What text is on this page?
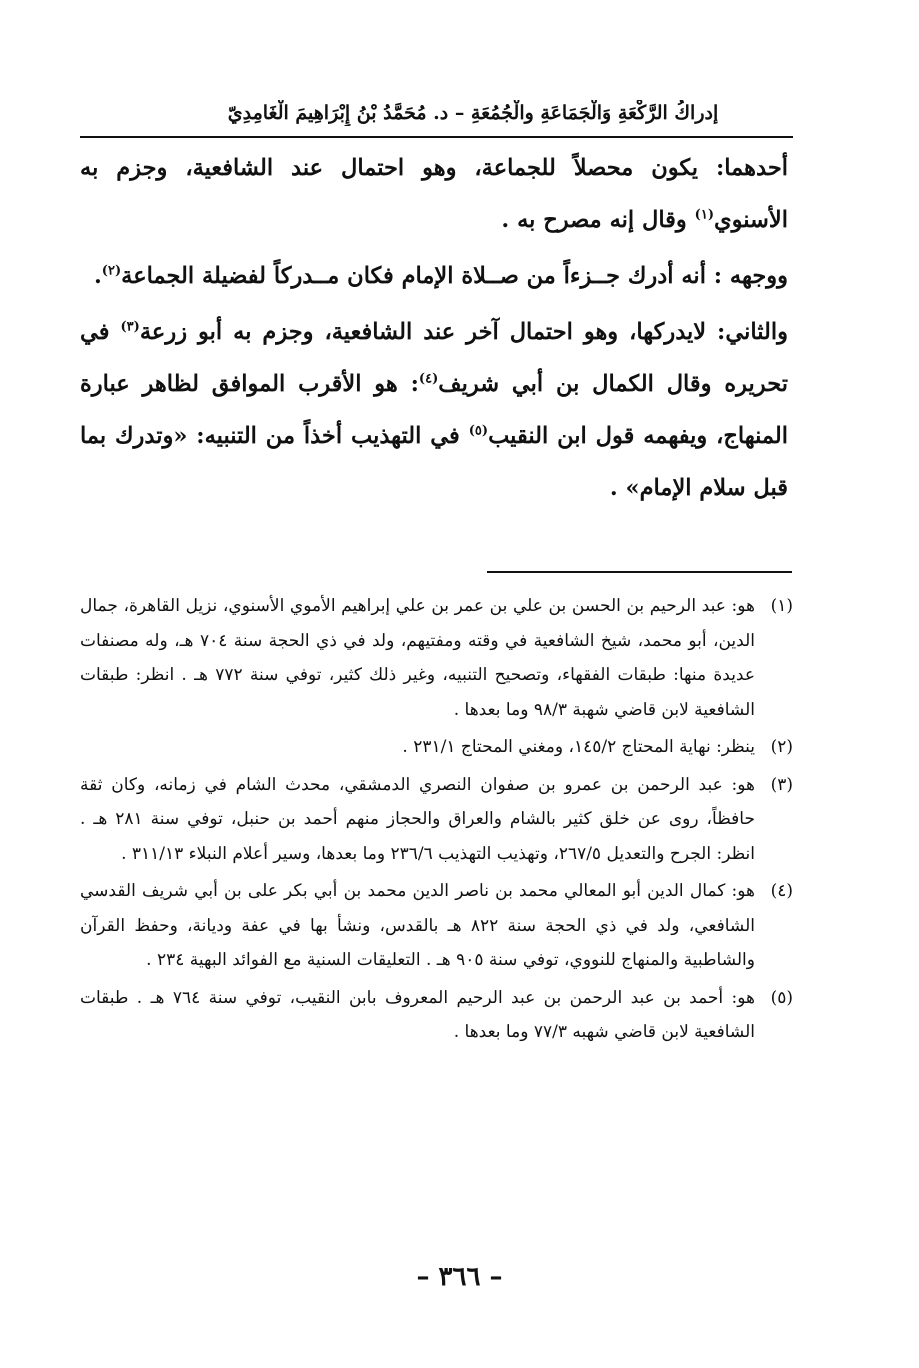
إدراكُ الرَّكْعَةِ وَالْجَمَاعَةِ والْجُمُعَةِ – د. مُحَمَّدُ بْنُ إِبْرَاهِيمَ الْغَامِدِيّ

أحدهما: يكون محصلاً للجماعة، وهو احتمال عند الشافعية، وجزم به الأسنوي$^{(١)}$ وقال إنه مصرح به .

ووجهه : أنه أدرك جــزءاً من صــلاة الإمام فكان مــدركاً لفضيلة الجماعة$^{(٢)}$.

والثاني: لايدركها، وهو احتمال آخر عند الشافعية، وجزم به أبو زرعة$^{(٣)}$ في تحريره وقال الكمال بن أبي شريف$^{(٤)}$: هو الأقرب الموافق لظاهر عبارة المنهاج، ويفهمه قول ابن النقيب$^{(٥)}$ في التهذيب أخذاً من التنبيه: «وتدرك بما قبل سلام الإمام» .

(١)
هو: عبد الرحيم بن الحسن بن علي بن عمر بن علي إبراهيم الأموي الأسنوي، نزيل القاهرة، جمال الدين، أبو محمد، شيخ الشافعية في وقته ومفتيهم، ولد في ذي الحجة سنة ٧٠٤ هـ، وله مصنفات عديدة منها: طبقات الفقهاء، وتصحيح التنبيه، وغير ذلك كثير، توفي سنة ٧٧٢ هـ . انظر: طبقات الشافعية لابن قاضي شهبة ٩٨/٣ وما بعدها .
(٢)
ينظر: نهاية المحتاج ١٤٥/٢، ومغني المحتاج ٢٣١/١ .
(٣)
هو: عبد الرحمن بن عمرو بن صفوان النصري الدمشقي، محدث الشام في زمانه، وكان ثقة حافظاً، روى عن خلق كثير بالشام والعراق والحجاز منهم أحمد بن حنبل، توفي سنة ٢٨١ هـ . انظر: الجرح والتعديل ٢٦٧/٥، وتهذيب التهذيب ٢٣٦/٦ وما بعدها، وسير أعلام النبلاء ٣١١/١٣ .
(٤)
هو: كمال الدين أبو المعالي محمد بن ناصر الدين محمد بن أبي بكر على بن أبي شريف القدسي الشافعي، ولد في ذي الحجة سنة ٨٢٢ هـ بالقدس، ونشأ بها في عفة وديانة، وحفظ القرآن والشاطبية والمنهاج للنووي، توفي سنة ٩٠٥ هـ . التعليقات السنية مع الفوائد البهية ٢٣٤ .
(٥)
هو: أحمد بن عبد الرحمن بن عبد الرحيم المعروف بابن النقيب، توفي سنة ٧٦٤ هـ . طبقات الشافعية لابن قاضي شهبه ٧٧/٣ وما بعدها .
– ٣٦٦ –
